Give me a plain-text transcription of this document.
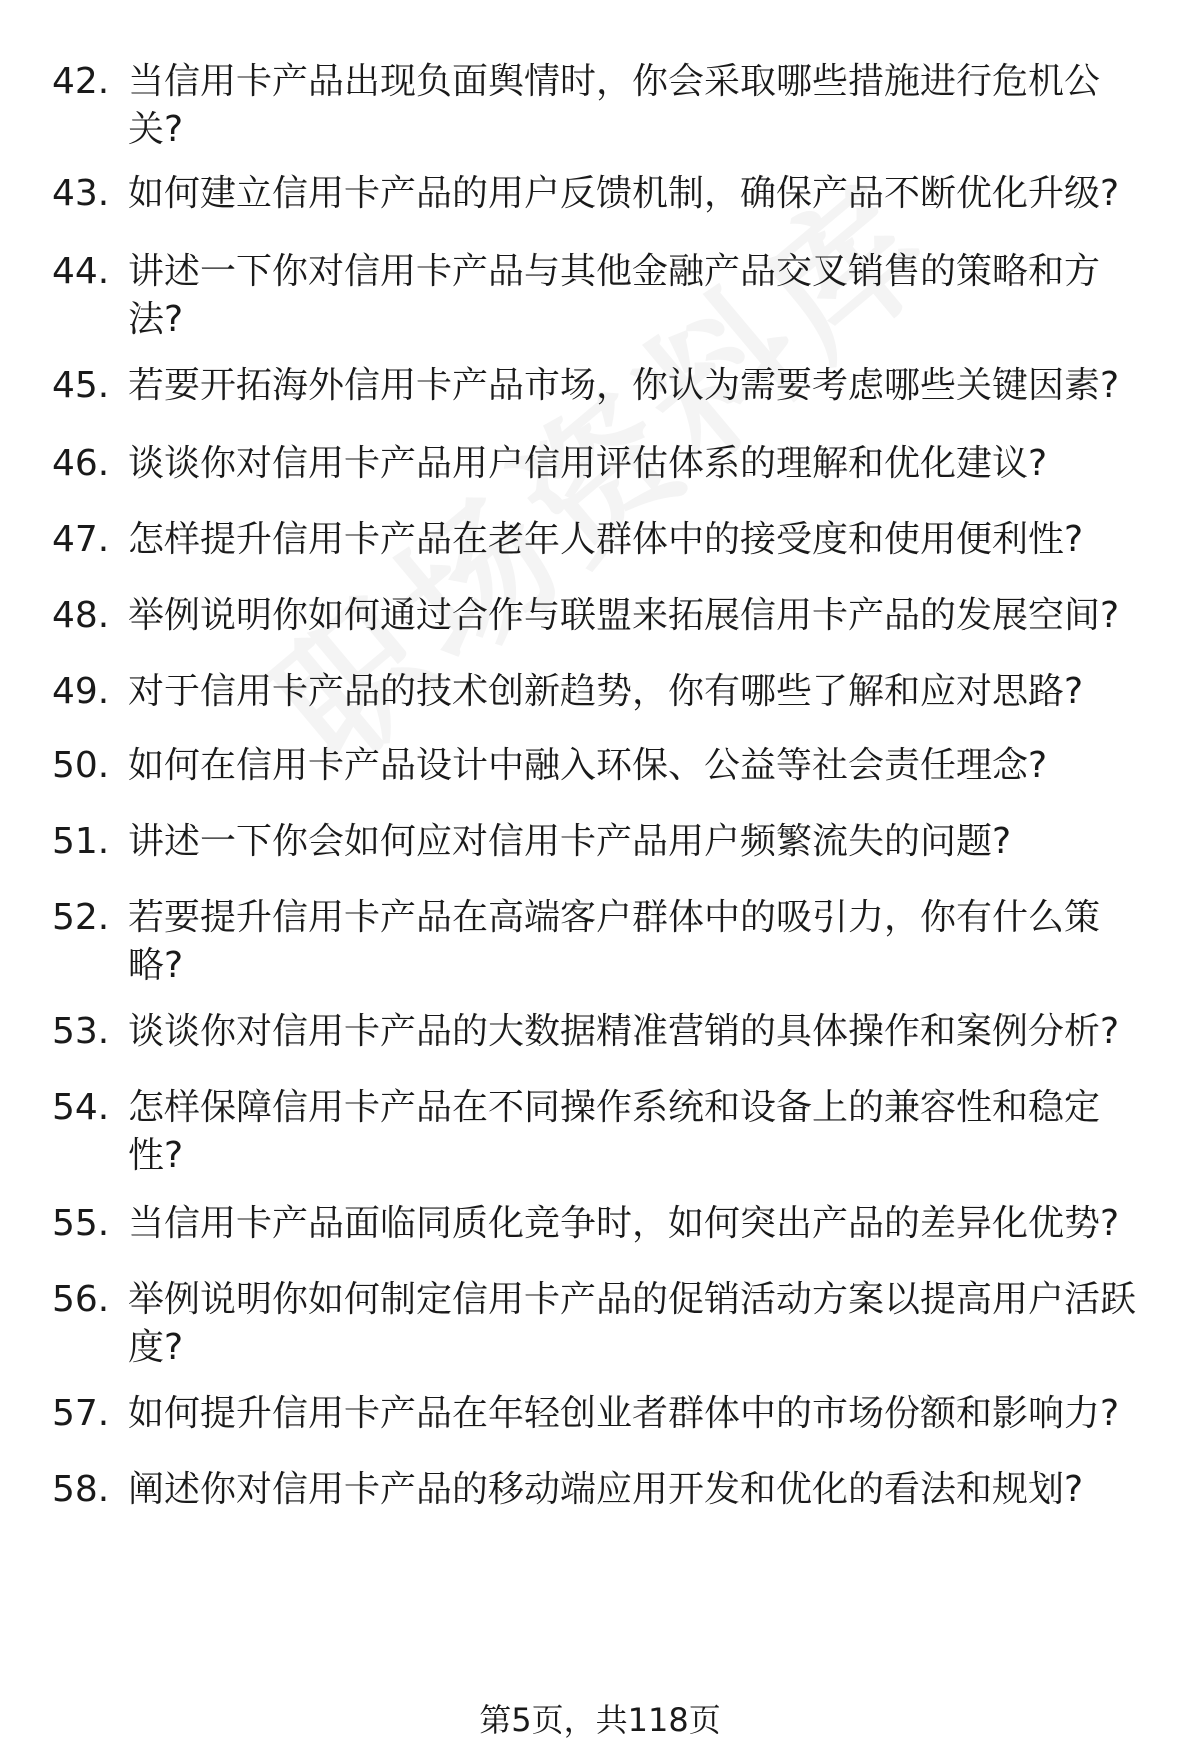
42. 当信用卡产品出现负面舆情时，你会采取哪些措施进行危机公关?
43. 如何建立信用卡产品的用户反馈机制，确保产品不断优化升级?
44. 讲述一下你对信用卡产品与其他金融产品交叉销售的策略和方法?
45. 若要开拓海外信用卡产品市场，你认为需要考虑哪些关键因素?
46. 谈谈你对信用卡产品用户信用评估体系的理解和优化建议?
47. 怎样提升信用卡产品在老年人群体中的接受度和使用便利性?
48. 举例说明你如何通过合作与联盟来拓展信用卡产品的发展空间?
49. 对于信用卡产品的技术创新趋势，你有哪些了解和应对思路?
50. 如何在信用卡产品设计中融入环保、公益等社会责任理念?
51. 讲述一下你会如何应对信用卡产品用户频繁流失的问题?
52. 若要提升信用卡产品在高端客户群体中的吸引力，你有什么策略?
53. 谈谈你对信用卡产品的大数据精准营销的具体操作和案例分析?
54. 怎样保障信用卡产品在不同操作系统和设备上的兼容性和稳定性?
55. 当信用卡产品面临同质化竞争时，如何突出产品的差异化优势?
56. 举例说明你如何制定信用卡产品的促销活动方案以提高用户活跃度?
57. 如何提升信用卡产品在年轻创业者群体中的市场份额和影响力?
58. 阐述你对信用卡产品的移动端应用开发和优化的看法和规划?
第5页，共118页
